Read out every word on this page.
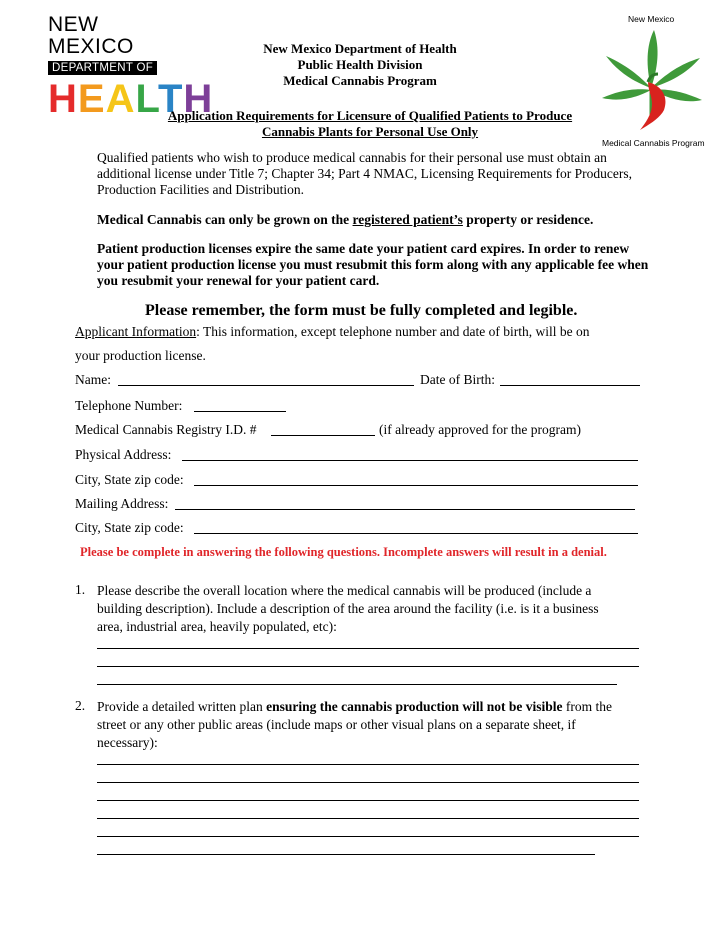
NEW MEXICO
DEPARTMENT OF
HEALTH
New Mexico Department of Health
Public Health Division
Medical Cannabis Program
New Mexico
Medical Cannabis Program
Application Requirements for Licensure of Qualified Patients to Produce
Cannabis Plants for Personal Use Only
Qualified patients who wish to produce medical cannabis for their personal use must obtain an
additional license under Title 7; Chapter 34; Part 4 NMAC, Licensing Requirements for Producers,
Production Facilities and Distribution.
Medical Cannabis can only be grown on the registered patient’s property or residence.
Patient production licenses expire the same date your patient card expires. In order to renew
your patient production license you must resubmit this form along with any applicable fee when
you resubmit your renewal for your patient card.
Please remember, the form must be fully completed and legible.
Applicant Information: This information, except telephone number and date of birth, will be on
your production license.
Name:	Date of Birth:
Telephone Number:
Medical Cannabis Registry I.D. #	(if already approved for the program)
Physical Address:
City, State zip code:
Mailing Address:
City, State zip code:
Please be complete in answering the following questions. Incomplete answers will result in a denial.
1. Please describe the overall location where the medical cannabis will be produced (include a
building description). Include a description of the area around the facility (i.e. is it a business
area, industrial area, heavily populated, etc):
2. Provide a detailed written plan ensuring the cannabis production will not be visible from the
street or any other public areas (include maps or other visual plans on a separate sheet, if
necessary):
